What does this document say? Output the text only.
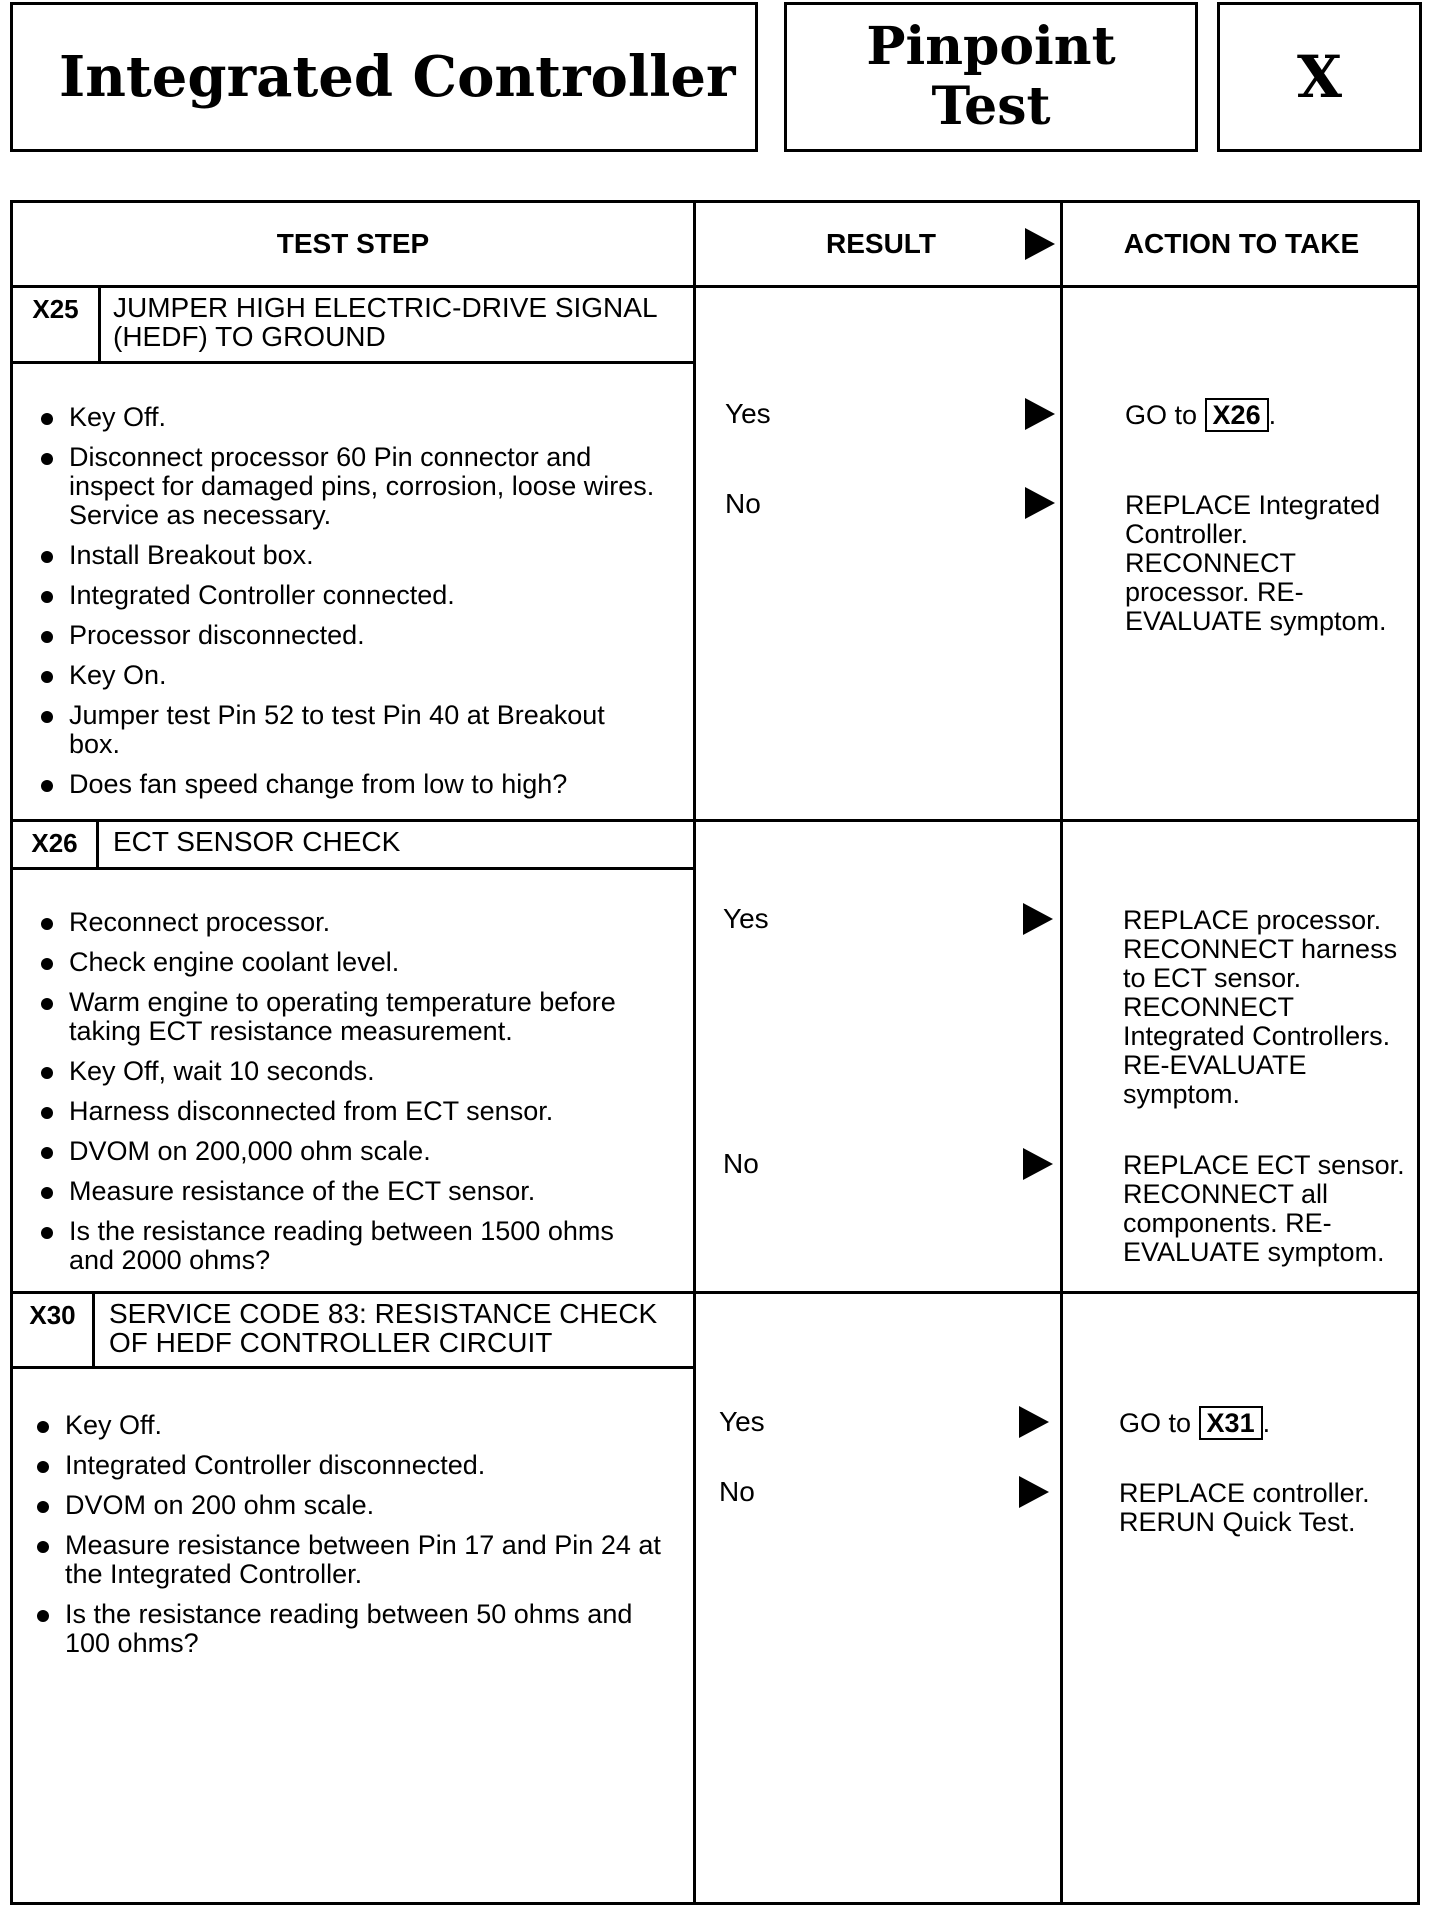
Integrated Controller	Pinpoint
Test	X
TEST STEP	RESULT	ACTION TO TAKE
X25	JUMPER HIGH ELECTRIC-DRIVE SIGNAL
(HEDF) TO GROUND
Key Off.
Disconnect processor 60 Pin connector and inspect for damaged pins, corrosion, loose wires. Service as necessary.
Install Breakout box.
Integrated Controller connected.
Processor disconnected.
Key On.
Jumper test Pin 52 to test Pin 40 at Breakout box.
Does fan speed change from low to high?
Yes	GO to X26 .
No	REPLACE Integrated Controller. RECONNECT processor. RE-EVALUATE symptom.
X26	ECT SENSOR CHECK
Reconnect processor.
Check engine coolant level.
Warm engine to operating temperature before taking ECT resistance measurement.
Key Off, wait 10 seconds.
Harness disconnected from ECT sensor.
DVOM on 200,000 ohm scale.
Measure resistance of the ECT sensor.
Is the resistance reading between 1500 ohms and 2000 ohms?
Yes	REPLACE processor. RECONNECT harness to ECT sensor. RECONNECT Integrated Controllers. RE-EVALUATE symptom.
No	REPLACE ECT sensor. RECONNECT all components. RE-EVALUATE symptom.
X30	SERVICE CODE 83: RESISTANCE CHECK
OF HEDF CONTROLLER CIRCUIT
Key Off.
Integrated Controller disconnected.
DVOM on 200 ohm scale.
Measure resistance between Pin 17 and Pin 24 at the Integrated Controller.
Is the resistance reading between 50 ohms and 100 ohms?
Yes	GO to X31 .
No	REPLACE controller. RERUN Quick Test.
